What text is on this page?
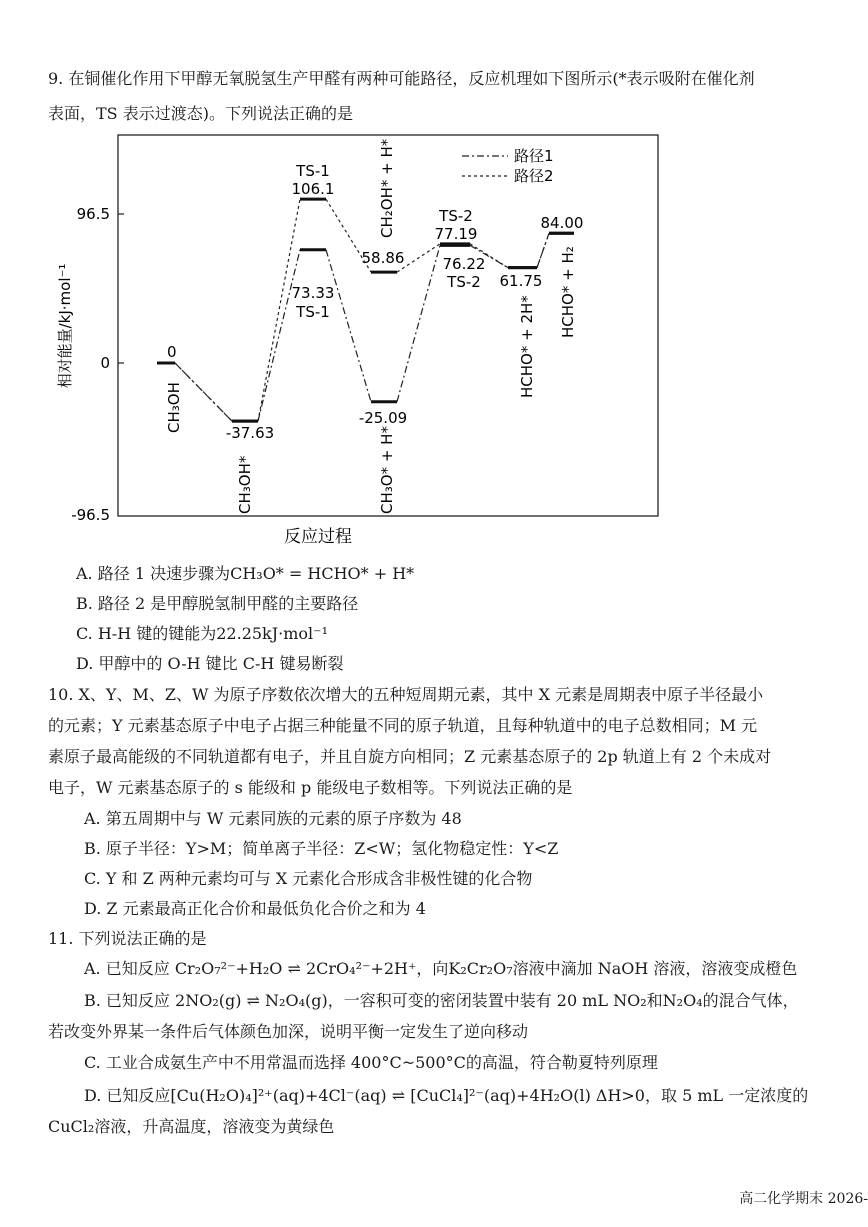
9. 在铜催化作用下甲醇无氧脱氢生产甲醛有两种可能路径，反应机理如下图所示(*表示吸附在催化剂
表面，TS 表示过渡态)。下列说法正确的是
96.5
0
-96.5
相对能量/kJ·mol⁻¹
反应过程
路径1
路径2
0
-37.63
TS-1
106.1
73.33
TS-1
58.86
-25.09
TS-2
77.19
76.22
TS-2 61.75
84.00
CH₃OH
CH₃OH*
CH₂OH* + H*
CH₃O* + H*
HCHO* + 2H*
HCHO* + H₂
A. 路径 1 决速步骤为CH₃O* = HCHO* + H*
B. 路径 2 是甲醇脱氢制甲醛的主要路径
C. H-H 键的键能为22.25kJ·mol⁻¹
D. 甲醇中的 O-H 键比 C-H 键易断裂
10. X、Y、M、Z、W 为原子序数依次增大的五种短周期元素，其中 X 元素是周期表中原子半径最小
的元素；Y 元素基态原子中电子占据三种能量不同的原子轨道，且每种轨道中的电子总数相同；M 元
素原子最高能级的不同轨道都有电子，并且自旋方向相同；Z 元素基态原子的 2p 轨道上有 2 个未成对
电子，W 元素基态原子的 s 能级和 p 能级电子数相等。下列说法正确的是
A. 第五周期中与 W 元素同族的元素的原子序数为 48
B. 原子半径：Y>M；简单离子半径：Z<W；氢化物稳定性：Y<Z
C. Y 和 Z 两种元素均可与 X 元素化合形成含非极性键的化合物
D. Z 元素最高正化合价和最低负化合价之和为 4
11. 下列说法正确的是
A. 已知反应 Cr₂O₇²⁻+H₂O ⇌ 2CrO₄²⁻+2H⁺，向K₂Cr₂O₇溶液中滴加 NaOH 溶液，溶液变成橙色
B. 已知反应 2NO₂(g) ⇌ N₂O₄(g)，一容积可变的密闭装置中装有 20 mL NO₂和N₂O₄的混合气体，
若改变外界某一条件后气体颜色加深，说明平衡一定发生了逆向移动
C. 工业合成氨生产中不用常温而选择 400°C~500°C的高温，符合勒夏特列原理
D. 已知反应[Cu(H₂O)₄]²⁺(aq)+4Cl⁻(aq) ⇌ [CuCl₄]²⁻(aq)+4H₂O(l) ΔH>0，取 5 mL 一定浓度的
CuCl₂溶液，升高温度，溶液变为黄绿色
高二化学期末 2026-
